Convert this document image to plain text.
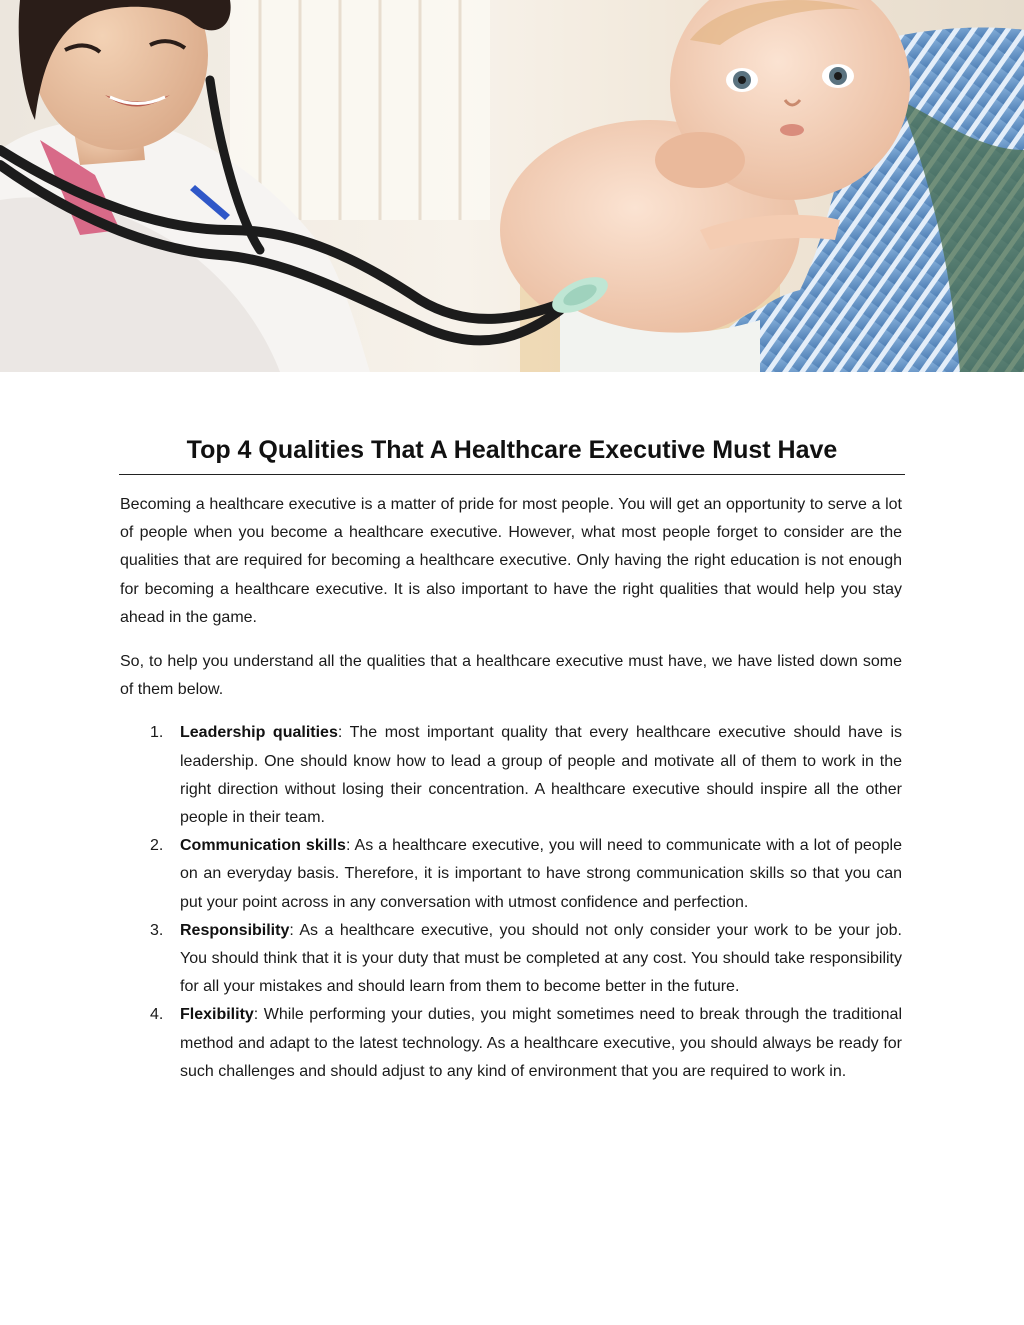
Top 4 Qualities That A Healthcare Executive Must Have

Becoming a healthcare executive is a matter of pride for most people. You will get an opportunity to serve a lot of people when you become a healthcare executive. However, what most people forget to consider are the qualities that are required for becoming a healthcare executive. Only having the right education is not enough for becoming a healthcare executive. It is also important to have the right qualities that would help you stay ahead in the game.

So, to help you understand all the qualities that a healthcare executive must have, we have listed down some of them below.

1. Leadership qualities: The most important quality that every healthcare executive should have is leadership. One should know how to lead a group of people and motivate all of them to work in the right direction without losing their concentration. A healthcare executive should inspire all the other people in their team.
2. Communication skills: As a healthcare executive, you will need to communicate with a lot of people on an everyday basis. Therefore, it is important to have strong communication skills so that you can put your point across in any conversation with utmost confidence and perfection.
3. Responsibility: As a healthcare executive, you should not only consider your work to be your job. You should think that it is your duty that must be completed at any cost. You should take responsibility for all your mistakes and should learn from them to become better in the future.
4. Flexibility: While performing your duties, you might sometimes need to break through the traditional method and adapt to the latest technology. As a healthcare executive, you should always be ready for such challenges and should adjust to any kind of environment that you are required to work in.
